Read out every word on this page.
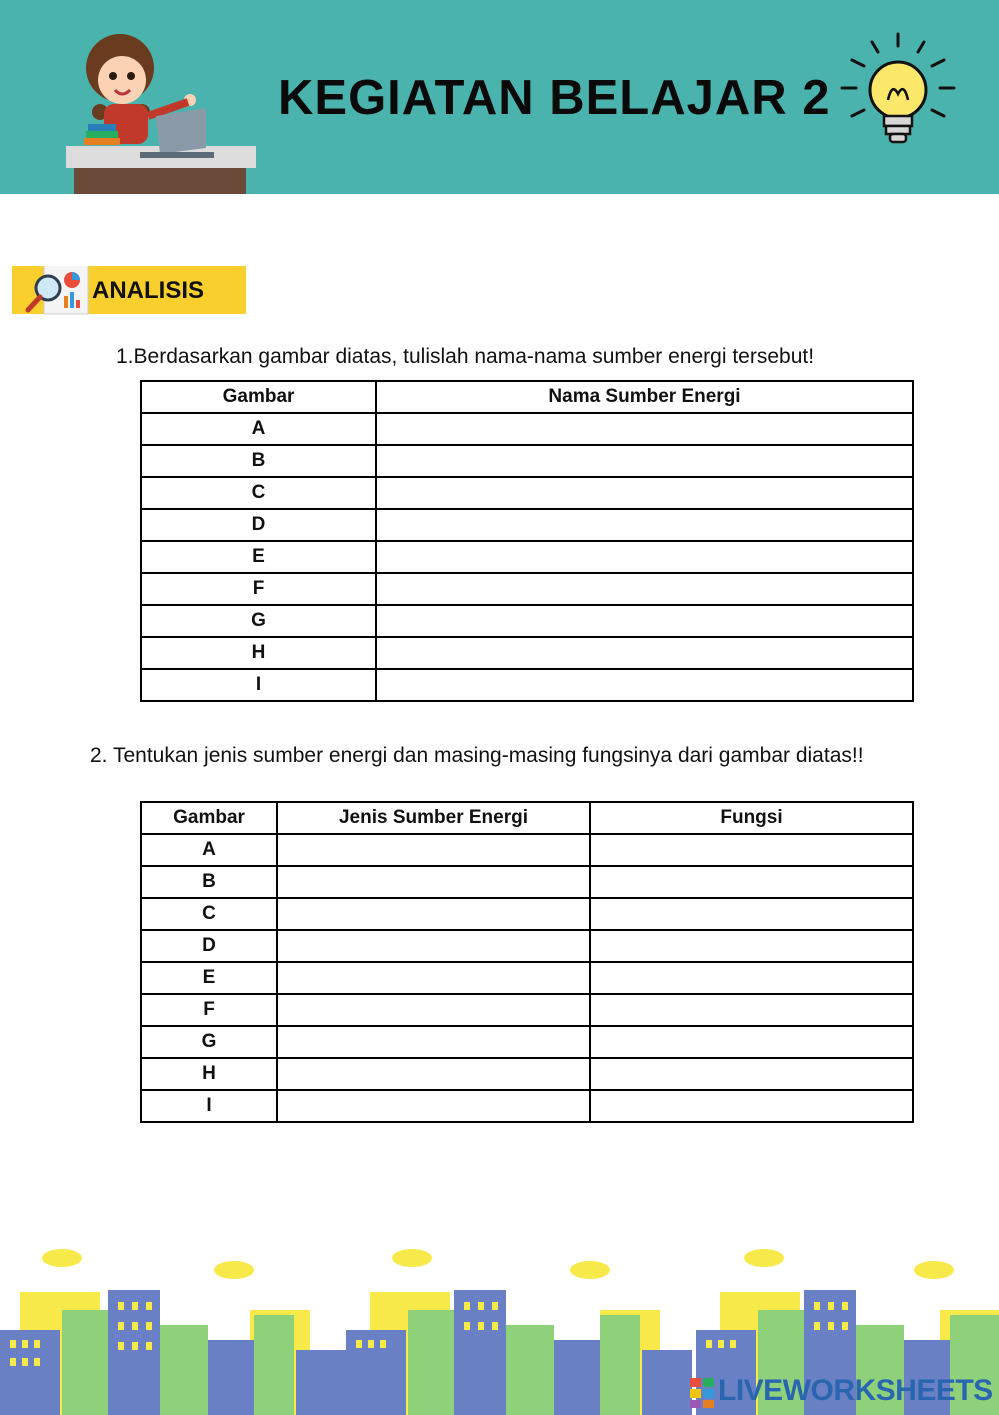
KEGIATAN BELAJAR 2
ANALISIS
1.Berdasarkan gambar diatas, tulislah nama-nama sumber energi tersebut!
Gambar	Nama Sumber Energi
A	
B	
C	
D	
E	
F	
G	
H	
I	
2. Tentukan jenis sumber energi dan masing-masing fungsinya dari gambar diatas!!
Gambar	Jenis Sumber Energi	Fungsi
A		
B		
C		
D		
E		
F		
G		
H		
I		
LIVEWORKSHEETS
